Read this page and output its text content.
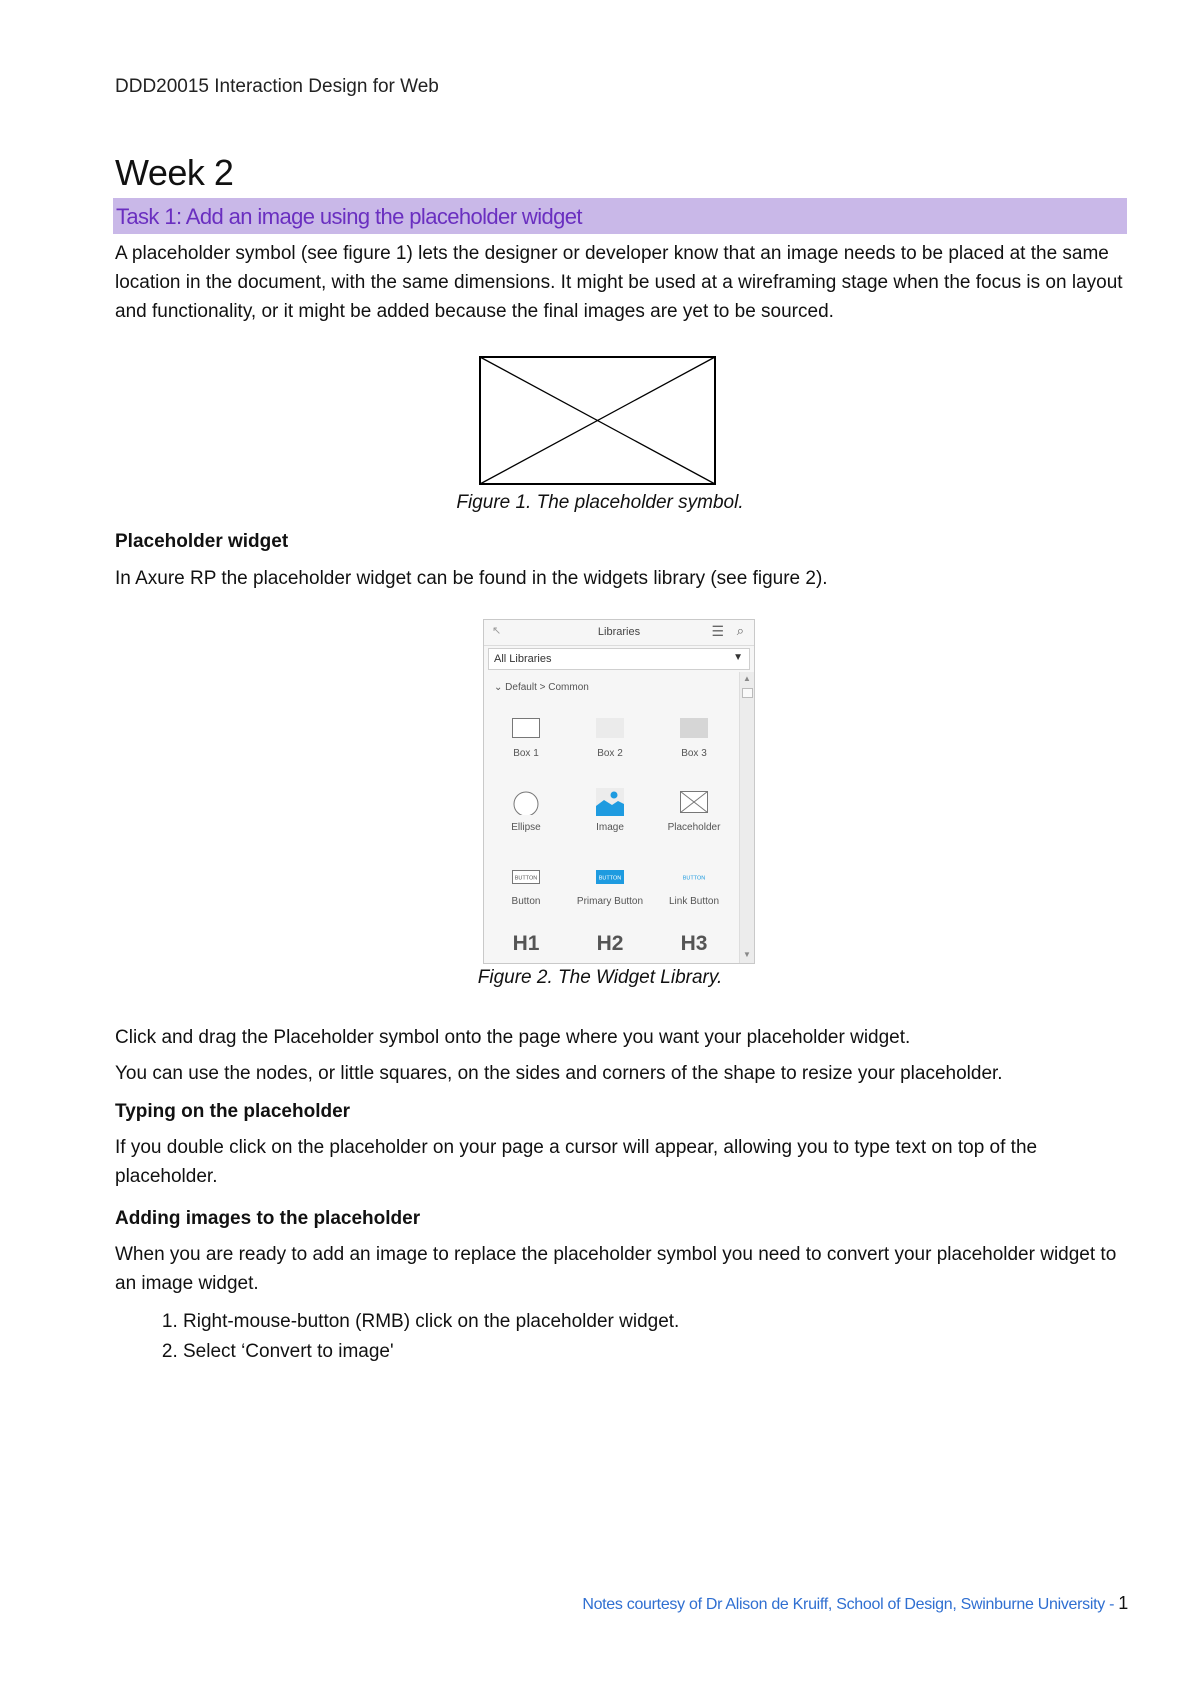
DDD20015 Interaction Design for Web
Week 2
Task 1: Add an image using the placeholder widget
A placeholder symbol (see figure 1) lets the designer or developer know that an image needs to be placed at the same location in the document, with the same dimensions. It might be used at a wireframing stage when the focus is on layout and functionality, or it might be added because the final images are yet to be sourced.
Figure 1. The placeholder symbol.
Placeholder widget
In Axure RP the placeholder widget can be found in the widgets library (see figure 2).
↖	Libraries	☰ ⌕
All Libraries	▼
⌄ Default > Common
Box 1	Box 2	Box 3
Ellipse	Image	Placeholder
BUTTON
Button
BUTTON
Primary Button
BUTTON
Link Button
H1	H2	H3
▲
▼
Figure 2. The Widget Library.
Click and drag the Placeholder symbol onto the page where you want your placeholder widget.
You can use the nodes, or little squares, on the sides and corners of the shape to resize your placeholder.
Typing on the placeholder
If you double click on the placeholder on your page a cursor will appear, allowing you to type text on top of the placeholder.
Adding images to the placeholder
When you are ready to add an image to replace the placeholder symbol you need to convert your placeholder widget to an image widget.
1. Right-mouse-button (RMB) click on the placeholder widget.
2. Select ‘Convert to image'
Notes courtesy of Dr Alison de Kruiff, School of Design, Swinburne University - 1
